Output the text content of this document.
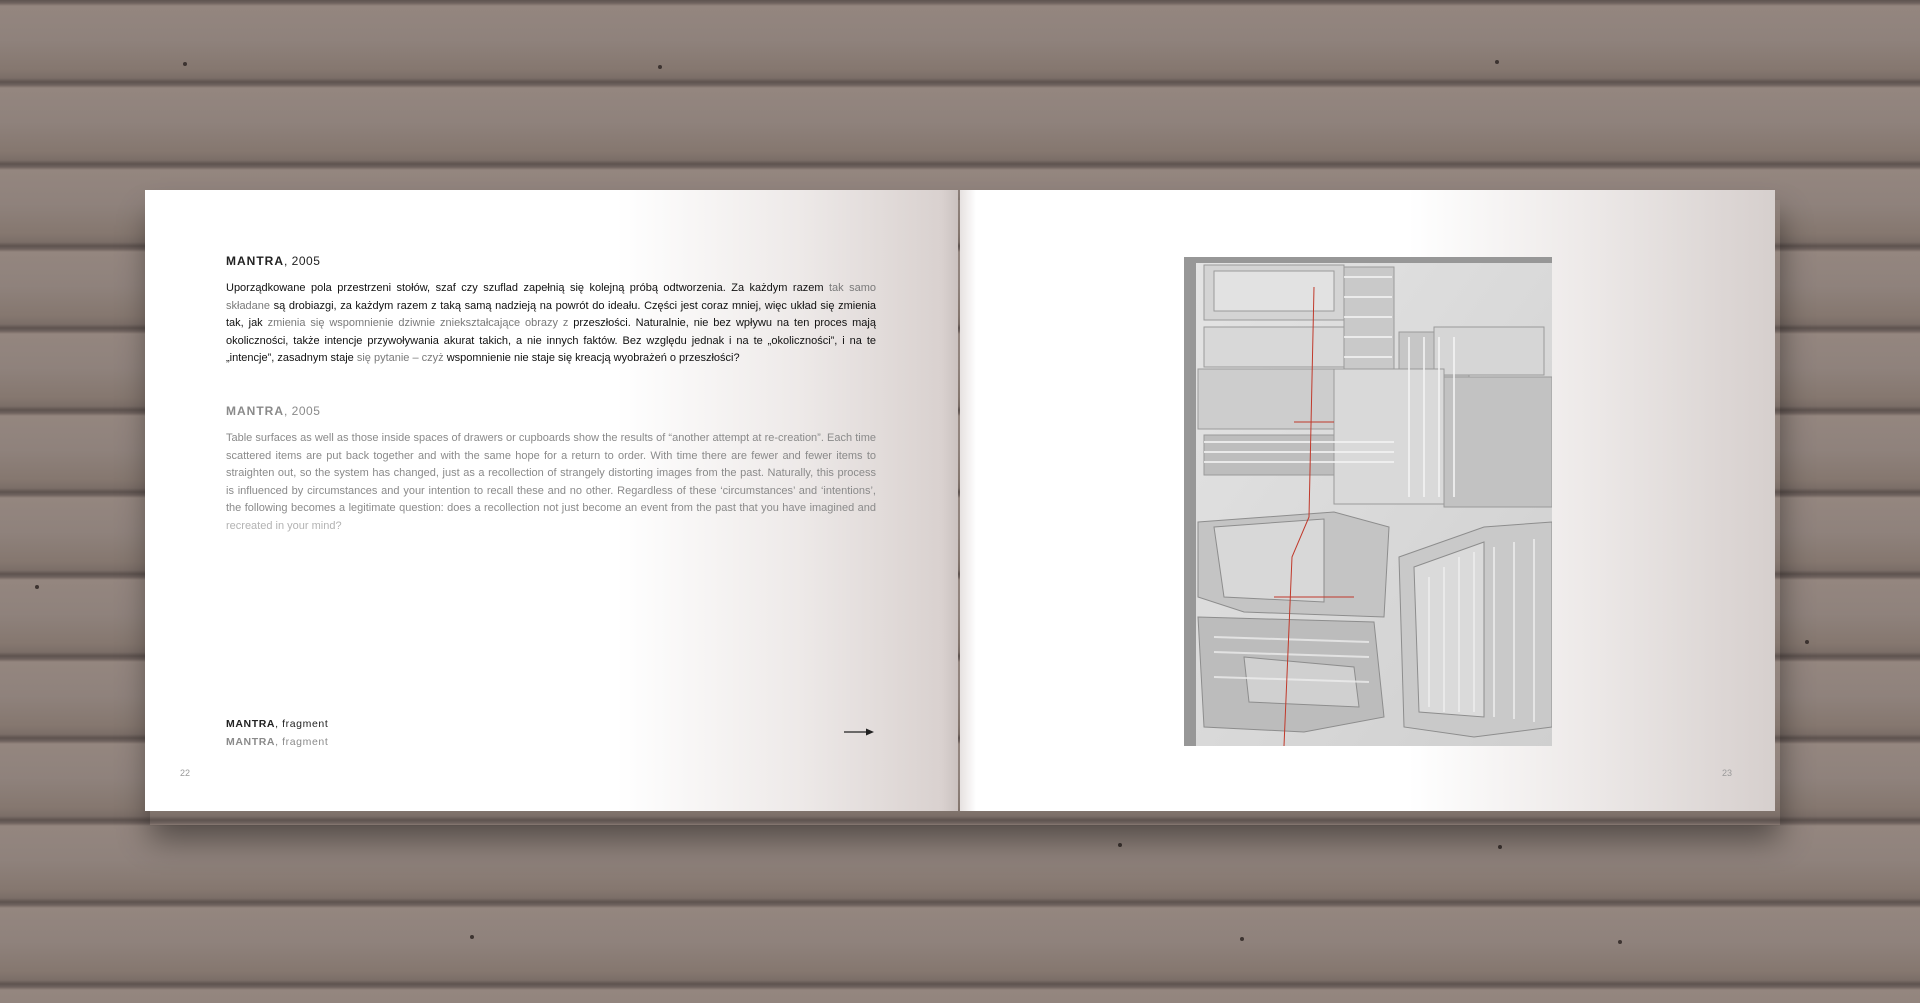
MANTRA, 2005
Uporządkowane pola przestrzeni stołów, szaf czy szuflad zapełnią się kolejną próbą odtworzenia. Za każdym razem tak samo składane są drobiazgi, za każdym razem z taką samą nadzieją na powrót do ideału. Części jest coraz mniej, więc układ się zmienia tak, jak zmienia się wspomnienie dziwnie zniekształcające obrazy z przeszłości. Naturalnie, nie bez wpływu na ten proces mają okoliczności, także intencje przywoływania akurat takich, a nie innych faktów. Bez względu jednak i na te „okoliczności”, i na te „intencje”, zasadnym staje się pytanie – czyż wspomnienie nie staje się kreacją wyobrażeń o przeszłości?
MANTRA, 2005
Table surfaces as well as those inside spaces of drawers or cupboards show the results of “another attempt at re-creation”. Each time scattered items are put back together and with the same hope for a return to order. With time there are fewer and fewer items to straighten out, so the system has changed, just as a recollection of strangely distorting images from the past. Naturally, this process is influenced by circumstances and your intention to recall these and no other. Regardless of these ‘circumstances’ and ‘intentions’, the following becomes a legitimate question: does a recollection not just become an event from the past that you have imagined and recreated in your mind?
MANTRA, fragment
MANTRA, fragment
22	23
